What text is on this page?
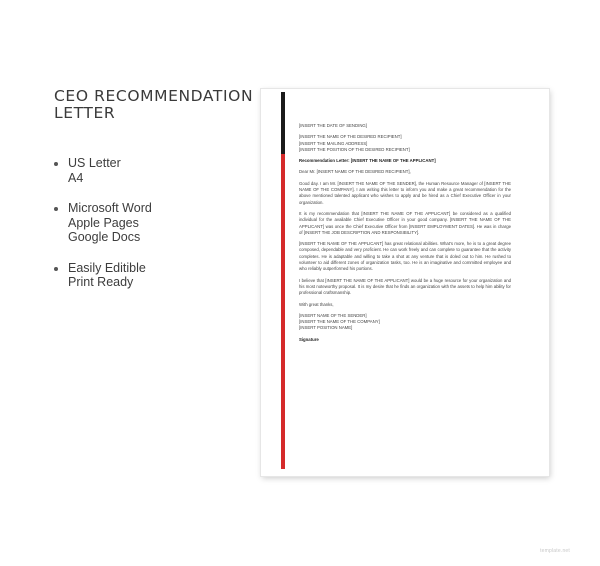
CEO RECOMMENDATION
LETTER
US Letter
A4
Microsoft Word
Apple Pages
Google Docs
Easily Editible
Print Ready
[INSERT THE DATE OF SENDING]
[INSERT THE NAME OF THE DESIRED RECIPIENT]
[INSERT THE MAILING ADDRESS]
[INSERT THE POSITION OF THE DESIRED RECIPIENT]
Recommendation Letter: [INSERT THE NAME OF THE APPLICANT]
Dear Mr. [INSERT NAME OF THE DESIRED RECIPIENT],

Good day. I am Mr. [INSERT THE NAME OF THE SENDER], the Human Resource Manager of [INSERT THE NAME OF THE COMPANY]. I am writing this letter to inform you and make a great recommendation for the above mentioned talented applicant who wishes to apply and be hired as a Chief Executive Officer in your organization.

It is my recommendation that [INSERT THE NAME OF THE APPLICANT] be considered as a qualified individual for the available Chief Executive Officer in your good company. [INSERT THE NAME OF THE APPLICANT] was once the Chief Executive Officer from [INSERT EMPLOYMENT DATES]. He was in charge of [INSERT THE JOB DESCRIPTION AND RESPONSIBILITY].

[INSERT THE NAME OF THE APPLICANT] has great relational abilities. What's more, he is to a great degree composed, dependable and very proficient. He can work freely and can complete to guarantee that the activity completes. He is adaptable and willing to take a shot at any venture that is doled out to him. He rushed to volunteer to aid different zones of organization tasks, too. He is an imaginative and committed employee and who reliably outperformed his portions.

I believe that [INSERT THE NAME OF THE APPLICANT] would be a huge resource for your organization and his most noteworthy proposal. It is my desire that he finds an organization with the assets to help him ability for professional craftsmanship.

With great thanks,
[INSERT NAME OF THE SENDER]
[INSERT THE NAME OF THE COMPANY]
[INSERT POSITION NAME]
Signature
template.net
